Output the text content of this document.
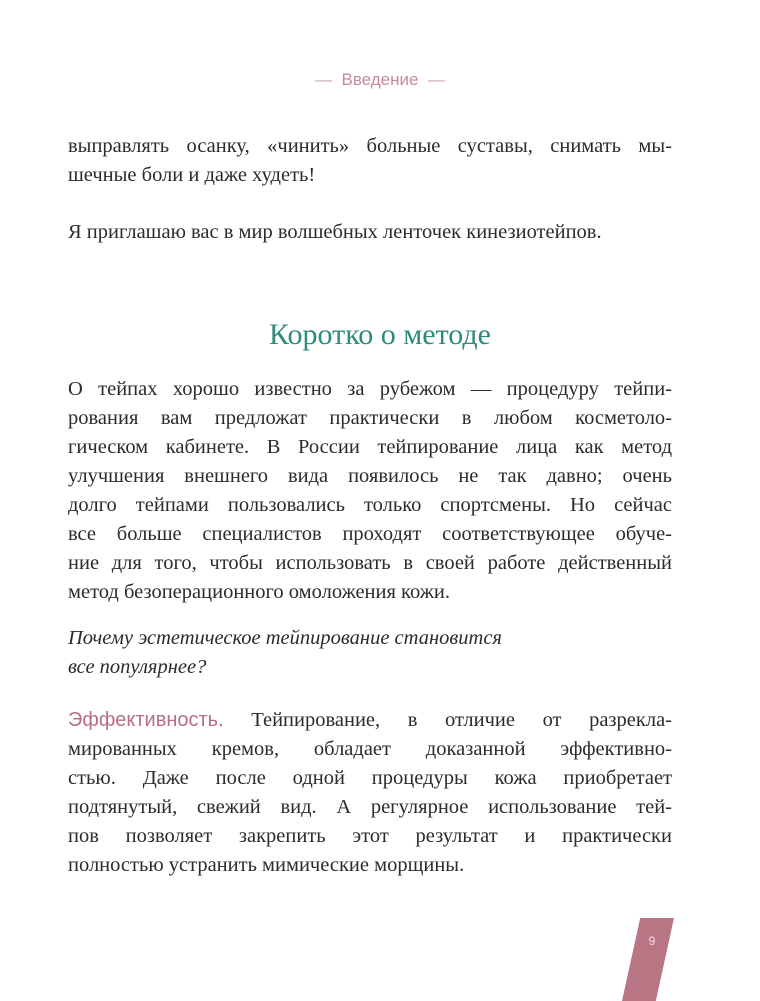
— Введение —
выправлять осанку, «чинить» больные суставы, снимать мы-
шечные боли и даже худеть!
Я приглашаю вас в мир волшебных ленточек кинезиотейпов.
Коротко о методе
О тейпах хорошо известно за рубежом — процедуру тейпи-
рования вам предложат практически в любом косметоло-
гическом кабинете. В России тейпирование лица как метод
улучшения внешнего вида появилось не так давно; очень
долго тейпами пользовались только спортсмены. Но сейчас
все больше специалистов проходят соответствующее обуче-
ние для того, чтобы использовать в своей работе действенный
метод безоперационного омоложения кожи.
Почему эстетическое тейпирование становится
все популярнее?
Эффективность. Тейпирование, в отличие от разрекла-
мированных кремов, обладает доказанной эффективно-
стью. Даже после одной процедуры кожа приобретает
подтянутый, свежий вид. А регулярное использование тей-
пов позволяет закрепить этот результат и практически
полностью устранить мимические морщины.
9
